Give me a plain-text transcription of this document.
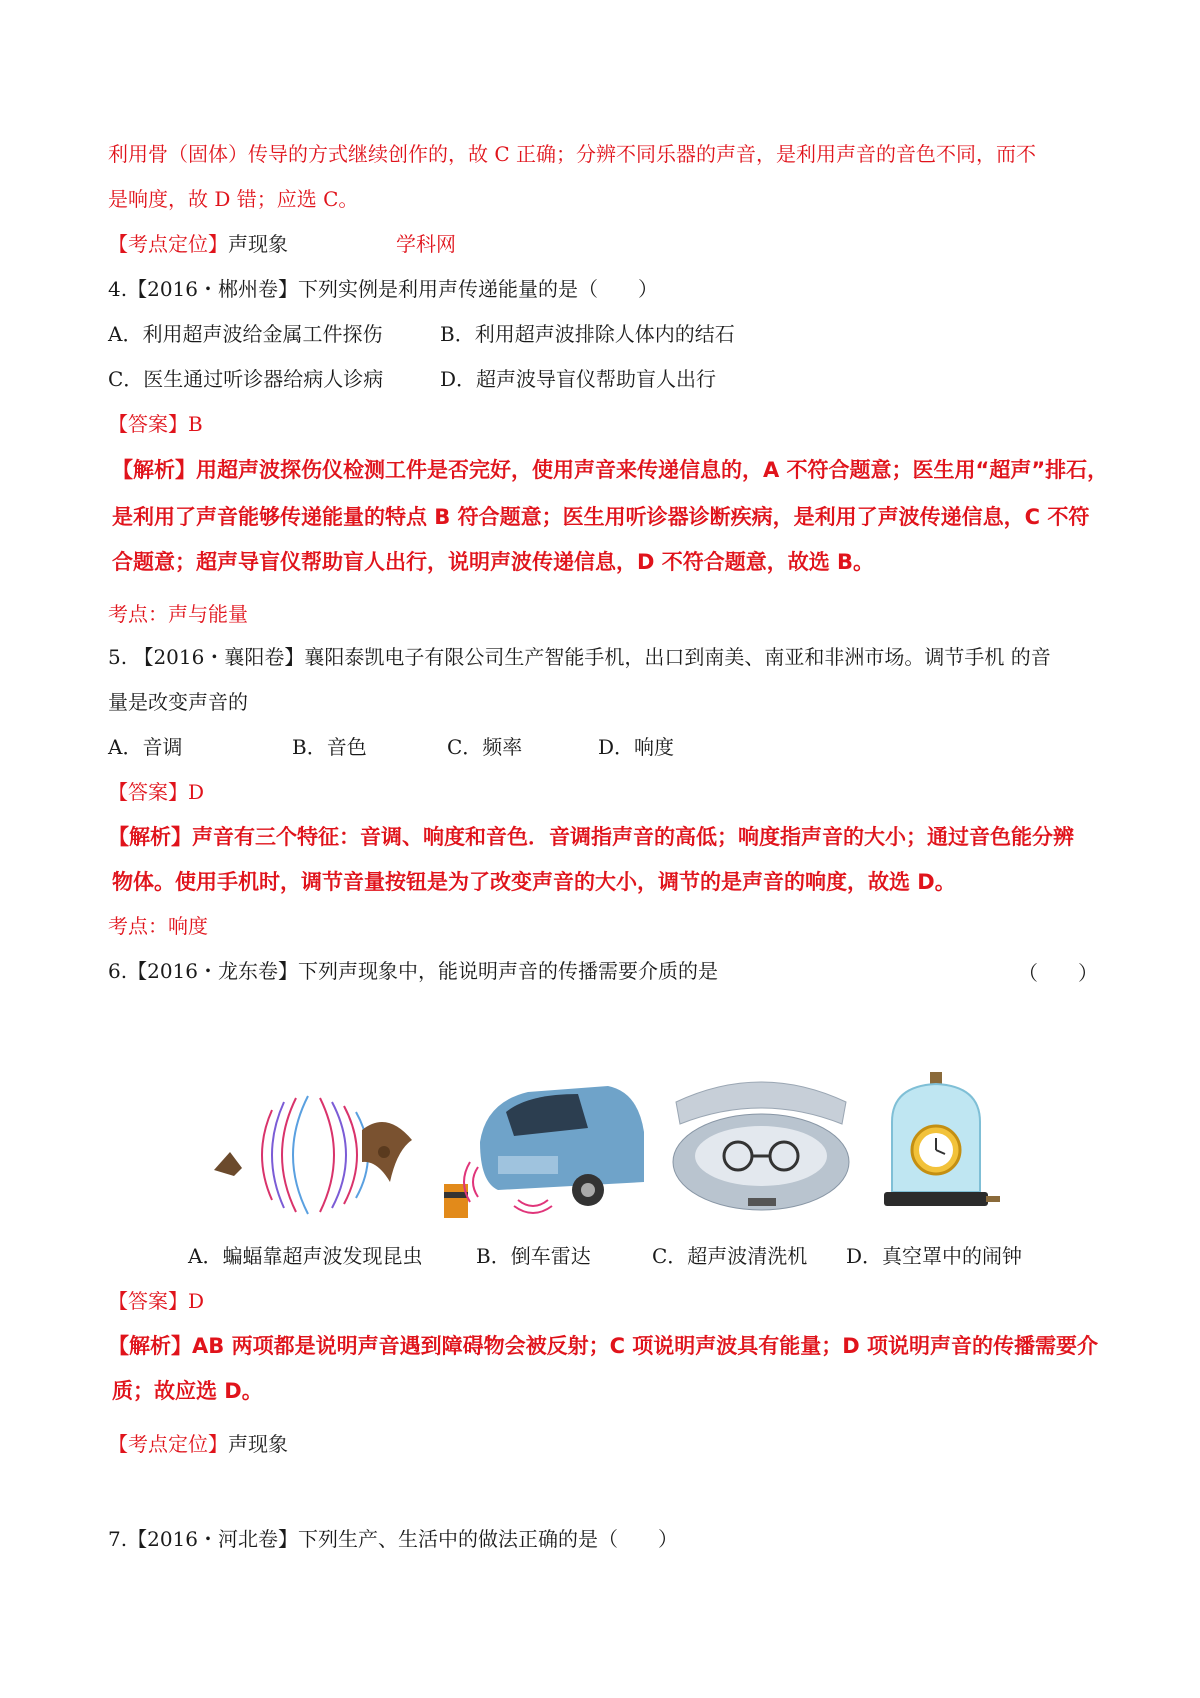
利用骨（固体）传导的方式继续创作的，故 C 正确；分辨不同乐器的声音，是利用声音的音色不同，而不
是响度，故 D 错；应选 C。
【考点定位】声现象	学科网
4.【2016・郴州卷】下列实例是利用声传递能量的是（　　）
A．利用超声波给金属工件探伤	B．利用超声波排除人体内的结石
C．医生通过听诊器给病人诊病	D．超声波导盲仪帮助盲人出行
【答案】B
【解析】用超声波探伤仪检测工件是否完好，使用声音来传递信息的，A 不符合题意；医生用“超声”排石，
是利用了声音能够传递能量的特点 B 符合题意；医生用听诊器诊断疾病，是利用了声波传递信息，C 不符
合题意；超声导盲仪帮助盲人出行，说明声波传递信息，D 不符合题意，故选 B。
考点：声与能量
5. 【2016・襄阳卷】襄阳泰凯电子有限公司生产智能手机，出口到南美、南亚和非洲市场。调节手机 的音
量是改变声音的
A．音调	B．音色	C．频率	D．响度
【答案】D
【解析】声音有三个特征：音调、响度和音色．音调指声音的高低；响度指声音的大小；通过音色能分辨
物体。使用手机时，调节音量按钮是为了改变声音的大小，调节的是声音的响度，故选 D。
考点：响度
6.【2016・龙东卷】下列声现象中，能说明声音的传播需要介质的是	（　　）
A．蝙蝠靠超声波发现昆虫	B．倒车雷达	C．超声波清洗机 D．真空罩中的闹钟
【答案】D
【解析】AB 两项都是说明声音遇到障碍物会被反射；C 项说明声波具有能量；D 项说明声音的传播需要介
质；故应选 D。
【考点定位】声现象
7.【2016・河北卷】下列生产、生活中的做法正确的是（　　）
